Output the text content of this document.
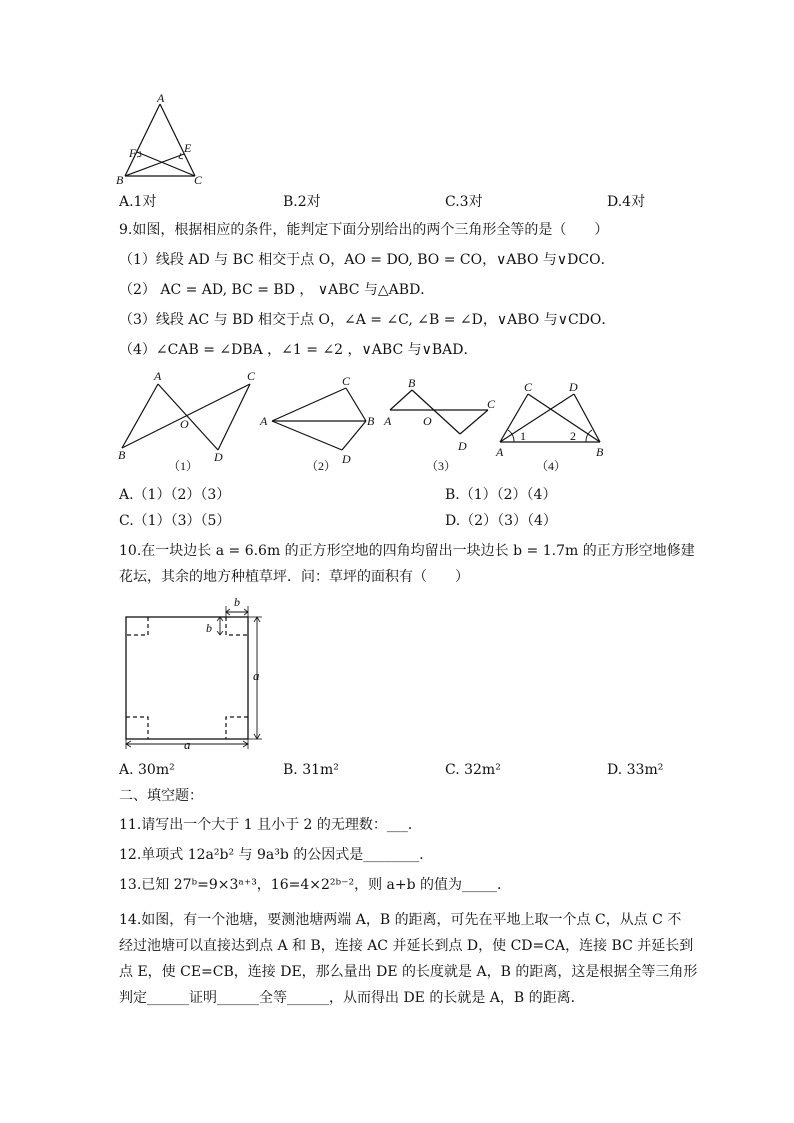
A
F	E
B	C
A.1对	B.2对	C.3对	D.4对
9.如图，根据相应的条件，能判定下面分别给出的两个三角形全等的是（　　）
（1）线段 AD 与 BC 相交于点 O，AO = DO, BO = CO，∨ABO 与∨DCO．
（2） AC = AD, BC = BD ， ∨ABC 与△ABD．
（3）线段 AC 与 BD 相交于点 O，∠A = ∠C, ∠B = ∠D，∨ABO 与∨CDO．
（4）∠CAB = ∠DBA ，∠1 = ∠2 ，∨ABC 与∨BAD．
A	C
O
B	D
（1）
C
A	B
D
（2）
B
C
A	O
D
（3）
C	D
1	2
A	B
（4）
A.（1）（2）（3）	B.（1）（2）（4）
C.（1）（3）（5）	D.（2）（3）（4）
10.在一块边长 a = 6.6m 的正方形空地的四角均留出一块边长 b = 1.7m 的正方形空地修建
花坛，其余的地方种植草坪．问：草坪的面积有（　　）
b
b
a
a
A. 30m²	B. 31m²	C. 32m²	D. 33m²
二、填空题：
11.请写出一个大于 1 且小于 2 的无理数：___．
12.单项式 12a²b² 与 9a³b 的公因式是________．
13.已知 27ᵇ=9×3ᵃ⁺³，16=4×2²ᵇ⁻²，则 a+b 的值为_____．
14.如图，有一个池塘，要测池塘两端 A，B 的距离，可先在平地上取一个点 C，从点 C 不
经过池塘可以直接达到点 A 和 B，连接 AC 并延长到点 D，使 CD=CA，连接 BC 并延长到
点 E，使 CE=CB，连接 DE，那么量出 DE 的长度就是 A，B 的距离，这是根据全等三角形
判定______证明______全等______，从而得出 DE 的长就是 A，B 的距离．
